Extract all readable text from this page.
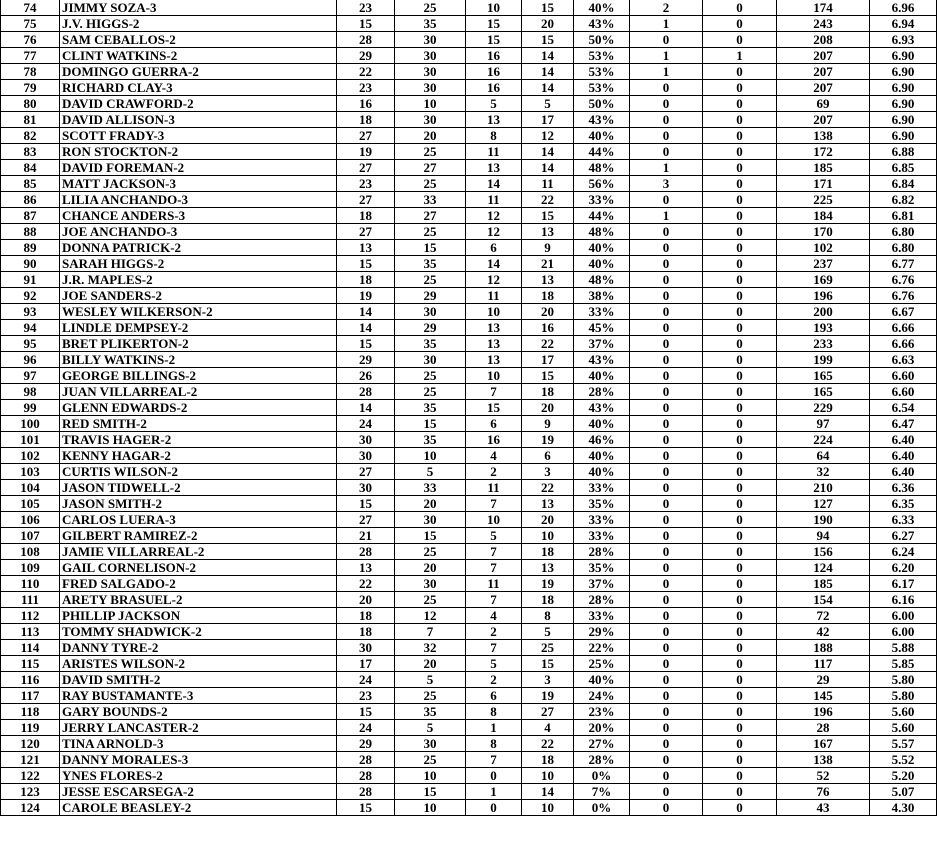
74	JIMMY SOZA-3	23	25	10	15	40%	2	0	174	6.96
75	J.V. HIGGS-2	15	35	15	20	43%	1	0	243	6.94
76	SAM CEBALLOS-2	28	30	15	15	50%	0	0	208	6.93
77	CLINT WATKINS-2	29	30	16	14	53%	1	1	207	6.90
78	DOMINGO GUERRA-2	22	30	16	14	53%	1	0	207	6.90
79	RICHARD CLAY-3	23	30	16	14	53%	0	0	207	6.90
80	DAVID CRAWFORD-2	16	10	5	5	50%	0	0	69	6.90
81	DAVID ALLISON-3	18	30	13	17	43%	0	0	207	6.90
82	SCOTT FRADY-3	27	20	8	12	40%	0	0	138	6.90
83	RON STOCKTON-2	19	25	11	14	44%	0	0	172	6.88
84	DAVID FOREMAN-2	27	27	13	14	48%	1	0	185	6.85
85	MATT JACKSON-3	23	25	14	11	56%	3	0	171	6.84
86	LILIA ANCHANDO-3	27	33	11	22	33%	0	0	225	6.82
87	CHANCE ANDERS-3	18	27	12	15	44%	1	0	184	6.81
88	JOE ANCHANDO-3	27	25	12	13	48%	0	0	170	6.80
89	DONNA PATRICK-2	13	15	6	9	40%	0	0	102	6.80
90	SARAH HIGGS-2	15	35	14	21	40%	0	0	237	6.77
91	J.R. MAPLES-2	18	25	12	13	48%	0	0	169	6.76
92	JOE SANDERS-2	19	29	11	18	38%	0	0	196	6.76
93	WESLEY WILKERSON-2	14	30	10	20	33%	0	0	200	6.67
94	LINDLE DEMPSEY-2	14	29	13	16	45%	0	0	193	6.66
95	BRET PLIKERTON-2	15	35	13	22	37%	0	0	233	6.66
96	BILLY WATKINS-2	29	30	13	17	43%	0	0	199	6.63
97	GEORGE BILLINGS-2	26	25	10	15	40%	0	0	165	6.60
98	JUAN VILLARREAL-2	28	25	7	18	28%	0	0	165	6.60
99	GLENN EDWARDS-2	14	35	15	20	43%	0	0	229	6.54
100	RED SMITH-2	24	15	6	9	40%	0	0	97	6.47
101	TRAVIS HAGER-2	30	35	16	19	46%	0	0	224	6.40
102	KENNY HAGAR-2	30	10	4	6	40%	0	0	64	6.40
103	CURTIS WILSON-2	27	5	2	3	40%	0	0	32	6.40
104	JASON TIDWELL-2	30	33	11	22	33%	0	0	210	6.36
105	JASON SMITH-2	15	20	7	13	35%	0	0	127	6.35
106	CARLOS LUERA-3	27	30	10	20	33%	0	0	190	6.33
107	GILBERT RAMIREZ-2	21	15	5	10	33%	0	0	94	6.27
108	JAMIE VILLARREAL-2	28	25	7	18	28%	0	0	156	6.24
109	GAIL CORNELISON-2	13	20	7	13	35%	0	0	124	6.20
110	FRED SALGADO-2	22	30	11	19	37%	0	0	185	6.17
111	ARETY BRASUEL-2	20	25	7	18	28%	0	0	154	6.16
112	PHILLIP JACKSON	18	12	4	8	33%	0	0	72	6.00
113	TOMMY SHADWICK-2	18	7	2	5	29%	0	0	42	6.00
114	DANNY TYRE-2	30	32	7	25	22%	0	0	188	5.88
115	ARISTES WILSON-2	17	20	5	15	25%	0	0	117	5.85
116	DAVID SMITH-2	24	5	2	3	40%	0	0	29	5.80
117	RAY BUSTAMANTE-3	23	25	6	19	24%	0	0	145	5.80
118	GARY BOUNDS-2	15	35	8	27	23%	0	0	196	5.60
119	JERRY LANCASTER-2	24	5	1	4	20%	0	0	28	5.60
120	TINA ARNOLD-3	29	30	8	22	27%	0	0	167	5.57
121	DANNY MORALES-3	28	25	7	18	28%	0	0	138	5.52
122	YNES FLORES-2	28	10	0	10	0%	0	0	52	5.20
123	JESSE ESCARSEGA-2	28	15	1	14	7%	0	0	76	5.07
124	CAROLE BEASLEY-2	15	10	0	10	0%	0	0	43	4.30
